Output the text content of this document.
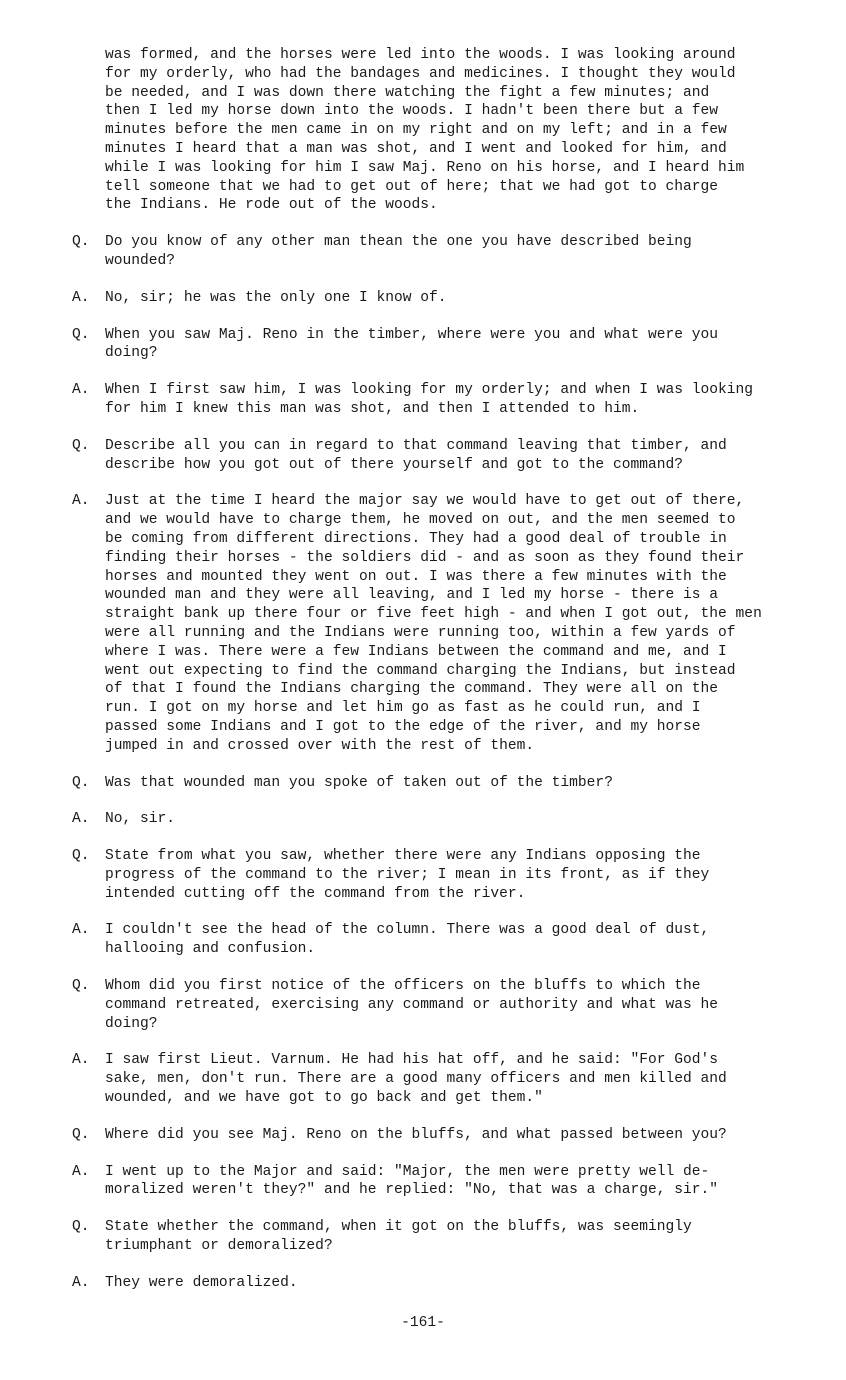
was formed, and the horses were led into the woods. I was looking around
for my orderly, who had the bandages and medicines. I thought they would
be needed, and I was down there watching the fight a few minutes; and
then I led my horse down into the woods. I hadn't been there but a few
minutes before the men came in on my right and on my left; and in a few
minutes I heard that a man was shot, and I went and looked for him, and
while I was looking for him I saw Maj. Reno on his horse, and I heard him
tell someone that we had to get out of here; that we had got to charge
the Indians. He rode out of the woods.
Q. Do you know of any other man thean the one you have described being
wounded?
A. No, sir; he was the only one I know of.
Q. When you saw Maj. Reno in the timber, where were you and what were you
doing?
A. When I first saw him, I was looking for my orderly; and when I was looking
for him I knew this man was shot, and then I attended to him.
Q. Describe all you can in regard to that command leaving that timber, and
describe how you got out of there yourself and got to the command?
A. Just at the time I heard the major say we would have to get out of there,
and we would have to charge them, he moved on out, and the men seemed to
be coming from different directions. They had a good deal of trouble in
finding their horses - the soldiers did - and as soon as they found their
horses and mounted they went on out. I was there a few minutes with the
wounded man and they were all leaving, and I led my horse - there is a
straight bank up there four or five feet high - and when I got out, the men
were all running and the Indians were running too, within a few yards of
where I was. There were a few Indians between the command and me, and I
went out expecting to find the command charging the Indians, but instead
of that I found the Indians charging the command. They were all on the
run. I got on my horse and let him go as fast as he could run, and I
passed some Indians and I got to the edge of the river, and my horse
jumped in and crossed over with the rest of them.
Q. Was that wounded man you spoke of taken out of the timber?
A. No, sir.
Q. State from what you saw, whether there were any Indians opposing the
progress of the command to the river; I mean in its front, as if they
intended cutting off the command from the river.
A. I couldn't see the head of the column. There was a good deal of dust,
hallooing and confusion.
Q. Whom did you first notice of the officers on the bluffs to which the
command retreated, exercising any command or authority and what was he
doing?
A. I saw first Lieut. Varnum. He had his hat off, and he said: "For God's
sake, men, don't run. There are a good many officers and men killed and
wounded, and we have got to go back and get them."
Q. Where did you see Maj. Reno on the bluffs, and what passed between you?
A. I went up to the Major and said: "Major, the men were pretty well de-
moralized weren't they?" and he replied: "No, that was a charge, sir."
Q. State whether the command, when it got on the bluffs, was seemingly
triumphant or demoralized?
A. They were demoralized.
-161-
